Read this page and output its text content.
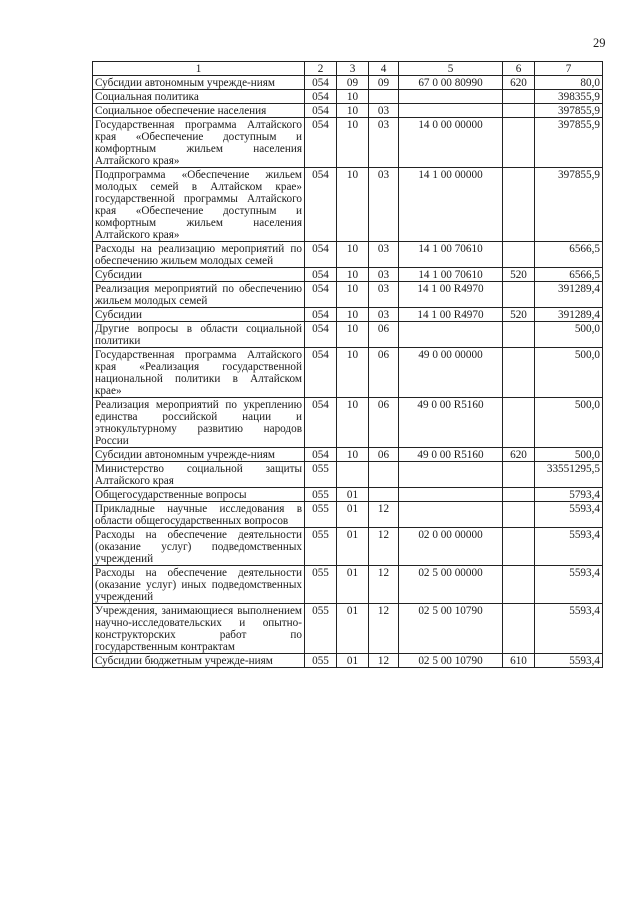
29
1	2	3	4	5	6	7
Субсидии автономным учрежде-ниям	054	09	09	67 0 00 80990	620	80,0
Социальная политика	054	10				398355,9
Социальное обеспечение населения	054	10	03			397855,9
Государственная программа Алтайского края «Обеспечение доступным и комфортным жильем населения Алтайского края»	054	10	03	14 0 00 00000		397855,9
Подпрограмма «Обеспечение жильем молодых семей в Алтайском крае» государственной программы Алтайского края «Обеспечение доступным и комфортным жильем населения Алтайского края»	054	10	03	14 1 00 00000		397855,9
Расходы на реализацию мероприятий по обеспечению жильем молодых семей	054	10	03	14 1 00 70610		6566,5
Субсидии	054	10	03	14 1 00 70610	520	6566,5
Реализация мероприятий по обеспечению жильем молодых семей	054	10	03	14 1 00 R4970		391289,4
Субсидии	054	10	03	14 1 00 R4970	520	391289,4
Другие вопросы в области социальной политики	054	10	06			500,0
Государственная программа Алтайского края «Реализация государственной национальной политики в Алтайском крае»	054	10	06	49 0 00 00000		500,0
Реализация мероприятий по укреплению единства российской нации и этнокультурному развитию народов России	054	10	06	49 0 00 R5160		500,0
Субсидии автономным учрежде-ниям	054	10	06	49 0 00 R5160	620	500,0
Министерство социальной защиты Алтайского края	055					33551295,5
Общегосударственные вопросы	055	01				5793,4
Прикладные научные исследования в области общегосударственных вопросов	055	01	12			5593,4
Расходы на обеспечение деятельности (оказание услуг) подведомственных учреждений	055	01	12	02 0 00 00000		5593,4
Расходы на обеспечение деятельности (оказание услуг) иных подведомственных учреждений	055	01	12	02 5 00 00000		5593,4
Учреждения, занимающиеся выполнением научно-исследовательских и опытно-конструкторских работ по государственным контрактам	055	01	12	02 5 00 10790		5593,4
Субсидии бюджетным учрежде-ниям	055	01	12	02 5 00 10790	610	5593,4
